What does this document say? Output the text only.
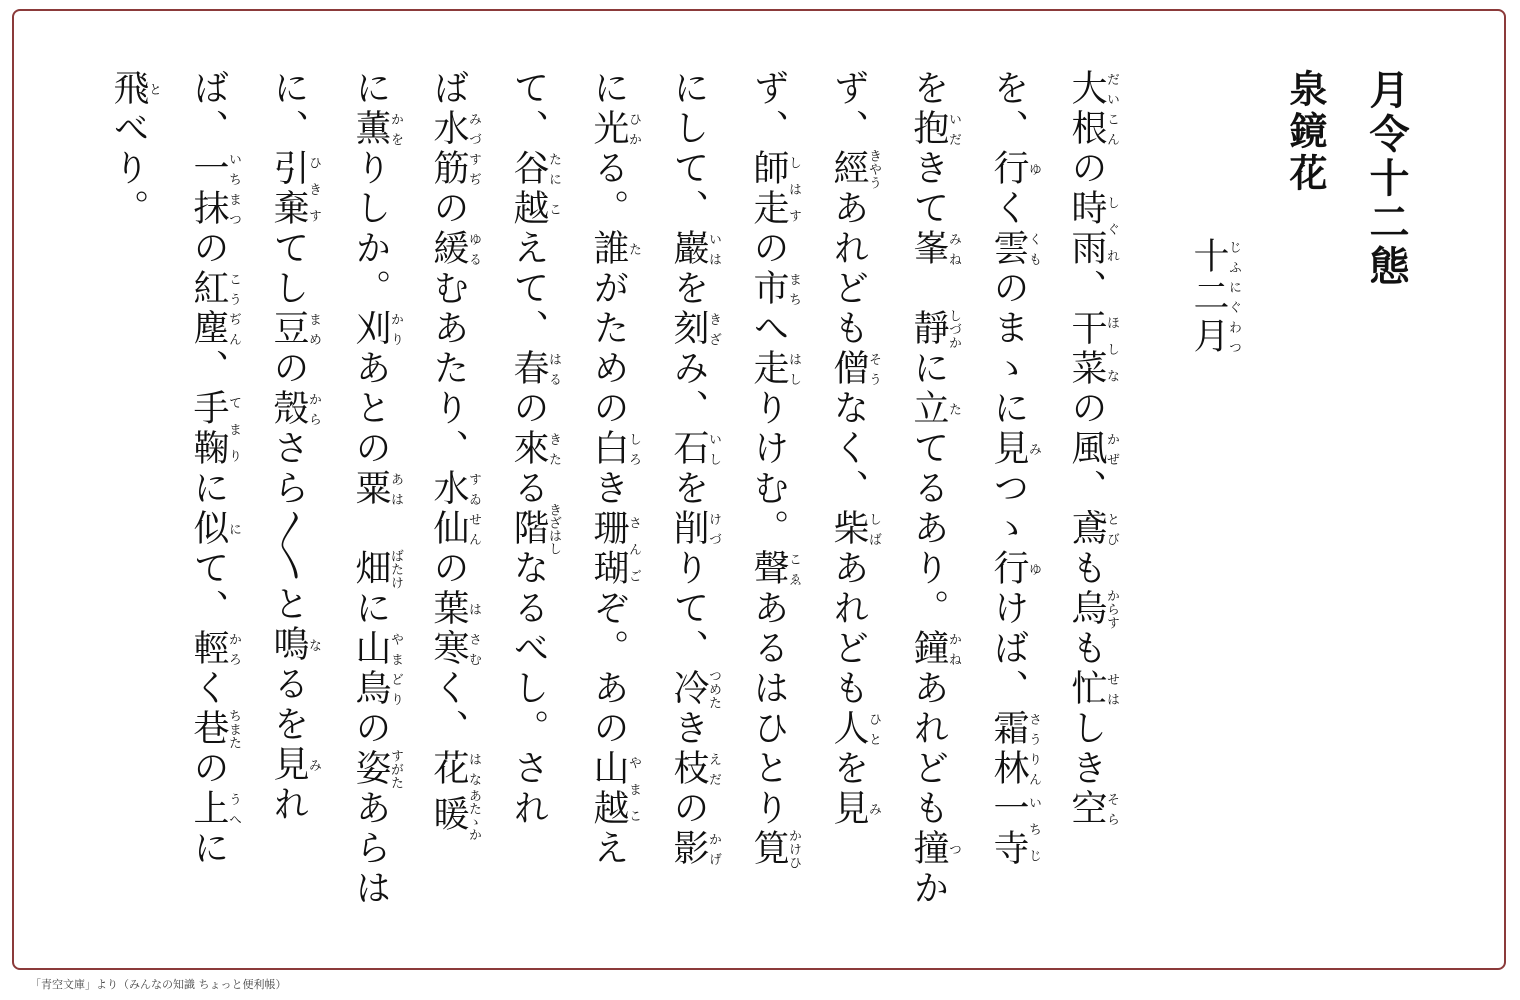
月令十二態
泉鏡花
十二月じふにぐわつ
大根だいこんの時雨しぐれ、干菜ほしなの風かぜ、鳶とびも烏からすも忙せはしき空そら
を、行ゆく雲くものまゝに見みつゝ行ゆけば、霜林さうりん一寺いちじ
を抱いだきて峯みね　靜しづかに立たてるあり。鐘かねあれども撞つか
ず、經きやうあれども僧そうなく、柴しばあれども人ひとを見み
ず、師走しはすの市まちへ走はしりけむ。聲こゑあるはひとり筧かけひ
にして、巖いはを刻きざみ、石いしを削けづりて、冷つめたき枝えだの影かげ
に光ひかる。誰たがための白しろき珊瑚さんごぞ。あの山越やまこえ
て、谷たに越こえて、春はるの來きたる階きざはしなるべし。され
ば水筋みづすぢの緩ゆるむあたり、水仙すゐせんの葉は寒さむく、花はな暖あたゝか
に薫かをりしか。刈かりあとの粟あは　畑ばたけに山鳥やまどりの姿すがたあらは
に、引棄ひきすてし豆まめの殼からさら〳〵と鳴なるを見みれ
ば、一抹いちまつの紅塵こうぢん、手鞠てまりに似にて、輕かろく巷ちまたの上うへに
飛とべり。
「青空文庫」より（みんなの知識 ちょっと便利帳）
